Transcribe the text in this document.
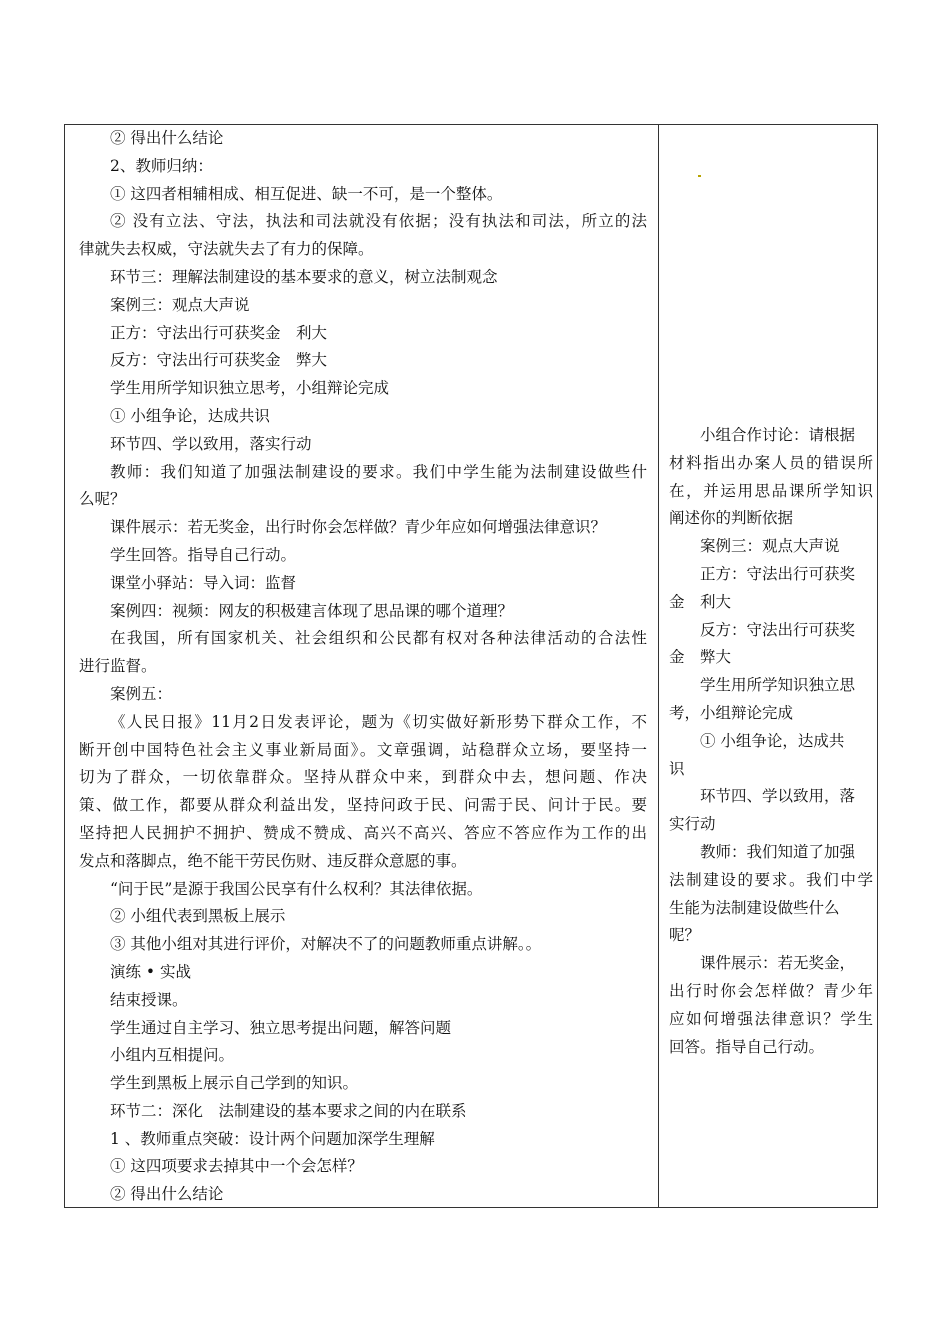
② 得出什么结论

2、教师归纳：

① 这四者相辅相成、相互促进、缺一不可，是一个整体。

② 没有立法、守法，执法和司法就没有依据；没有执法和司法，所立的法

律就失去权威，守法就失去了有力的保障。

环节三：理解法制建设的基本要求的意义，树立法制观念

案例三：观点大声说

正方：守法出行可获奖金　利大

反方：守法出行可获奖金　弊大

学生用所学知识独立思考，小组辩论完成

① 小组争论，达成共识

环节四、学以致用，落实行动

教师：我们知道了加强法制建设的要求。我们中学生能为法制建设做些什

么呢？

课件展示：若无奖金，出行时你会怎样做？青少年应如何增强法律意识？

学生回答。指导自己行动。

课堂小驿站：导入词：监督

案例四：视频：网友的积极建言体现了思品课的哪个道理？

在我国，所有国家机关、社会组织和公民都有权对各种法律活动的合法性

进行监督。

案例五：

《人民日报》11月2日发表评论，题为《切实做好新形势下群众工作，不

断开创中国特色社会主义事业新局面》。文章强调，站稳群众立场，要坚持一

切为了群众，一切依靠群众。坚持从群众中来，到群众中去，想问题、作决

策、做工作，都要从群众利益出发，坚持问政于民、问需于民、问计于民。要

坚持把人民拥护不拥护、赞成不赞成、高兴不高兴、答应不答应作为工作的出

发点和落脚点，绝不能干劳民伤财、违反群众意愿的事。

“问于民”是源于我国公民享有什么权利？其法律依据。

② 小组代表到黑板上展示

③ 其他小组对其进行评价，对解决不了的问题教师重点讲解。。

演练 • 实战

结束授课。

学生通过自主学习、独立思考提出问题，解答问题

小组内互相提问。

学生到黑板上展示自己学到的知识。

环节二：深化　法制建设的基本要求之间的内在联系

1 、教师重点突破：设计两个问题加深学生理解

① 这四项要求去掉其中一个会怎样？

② 得出什么结论

小组合作讨论：请根据

材料指出办案人员的错误所

在，并运用思品课所学知识

阐述你的判断依据

案例三：观点大声说

正方：守法出行可获奖

金　利大

反方：守法出行可获奖

金　弊大

学生用所学知识独立思

考，小组辩论完成

① 小组争论，达成共

识

环节四、学以致用，落

实行动

教师：我们知道了加强

法制建设的要求。我们中学

生能为法制建设做些什么

呢？

课件展示：若无奖金，

出行时你会怎样做？青少年

应如何增强法律意识？学生

回答。指导自己行动。
